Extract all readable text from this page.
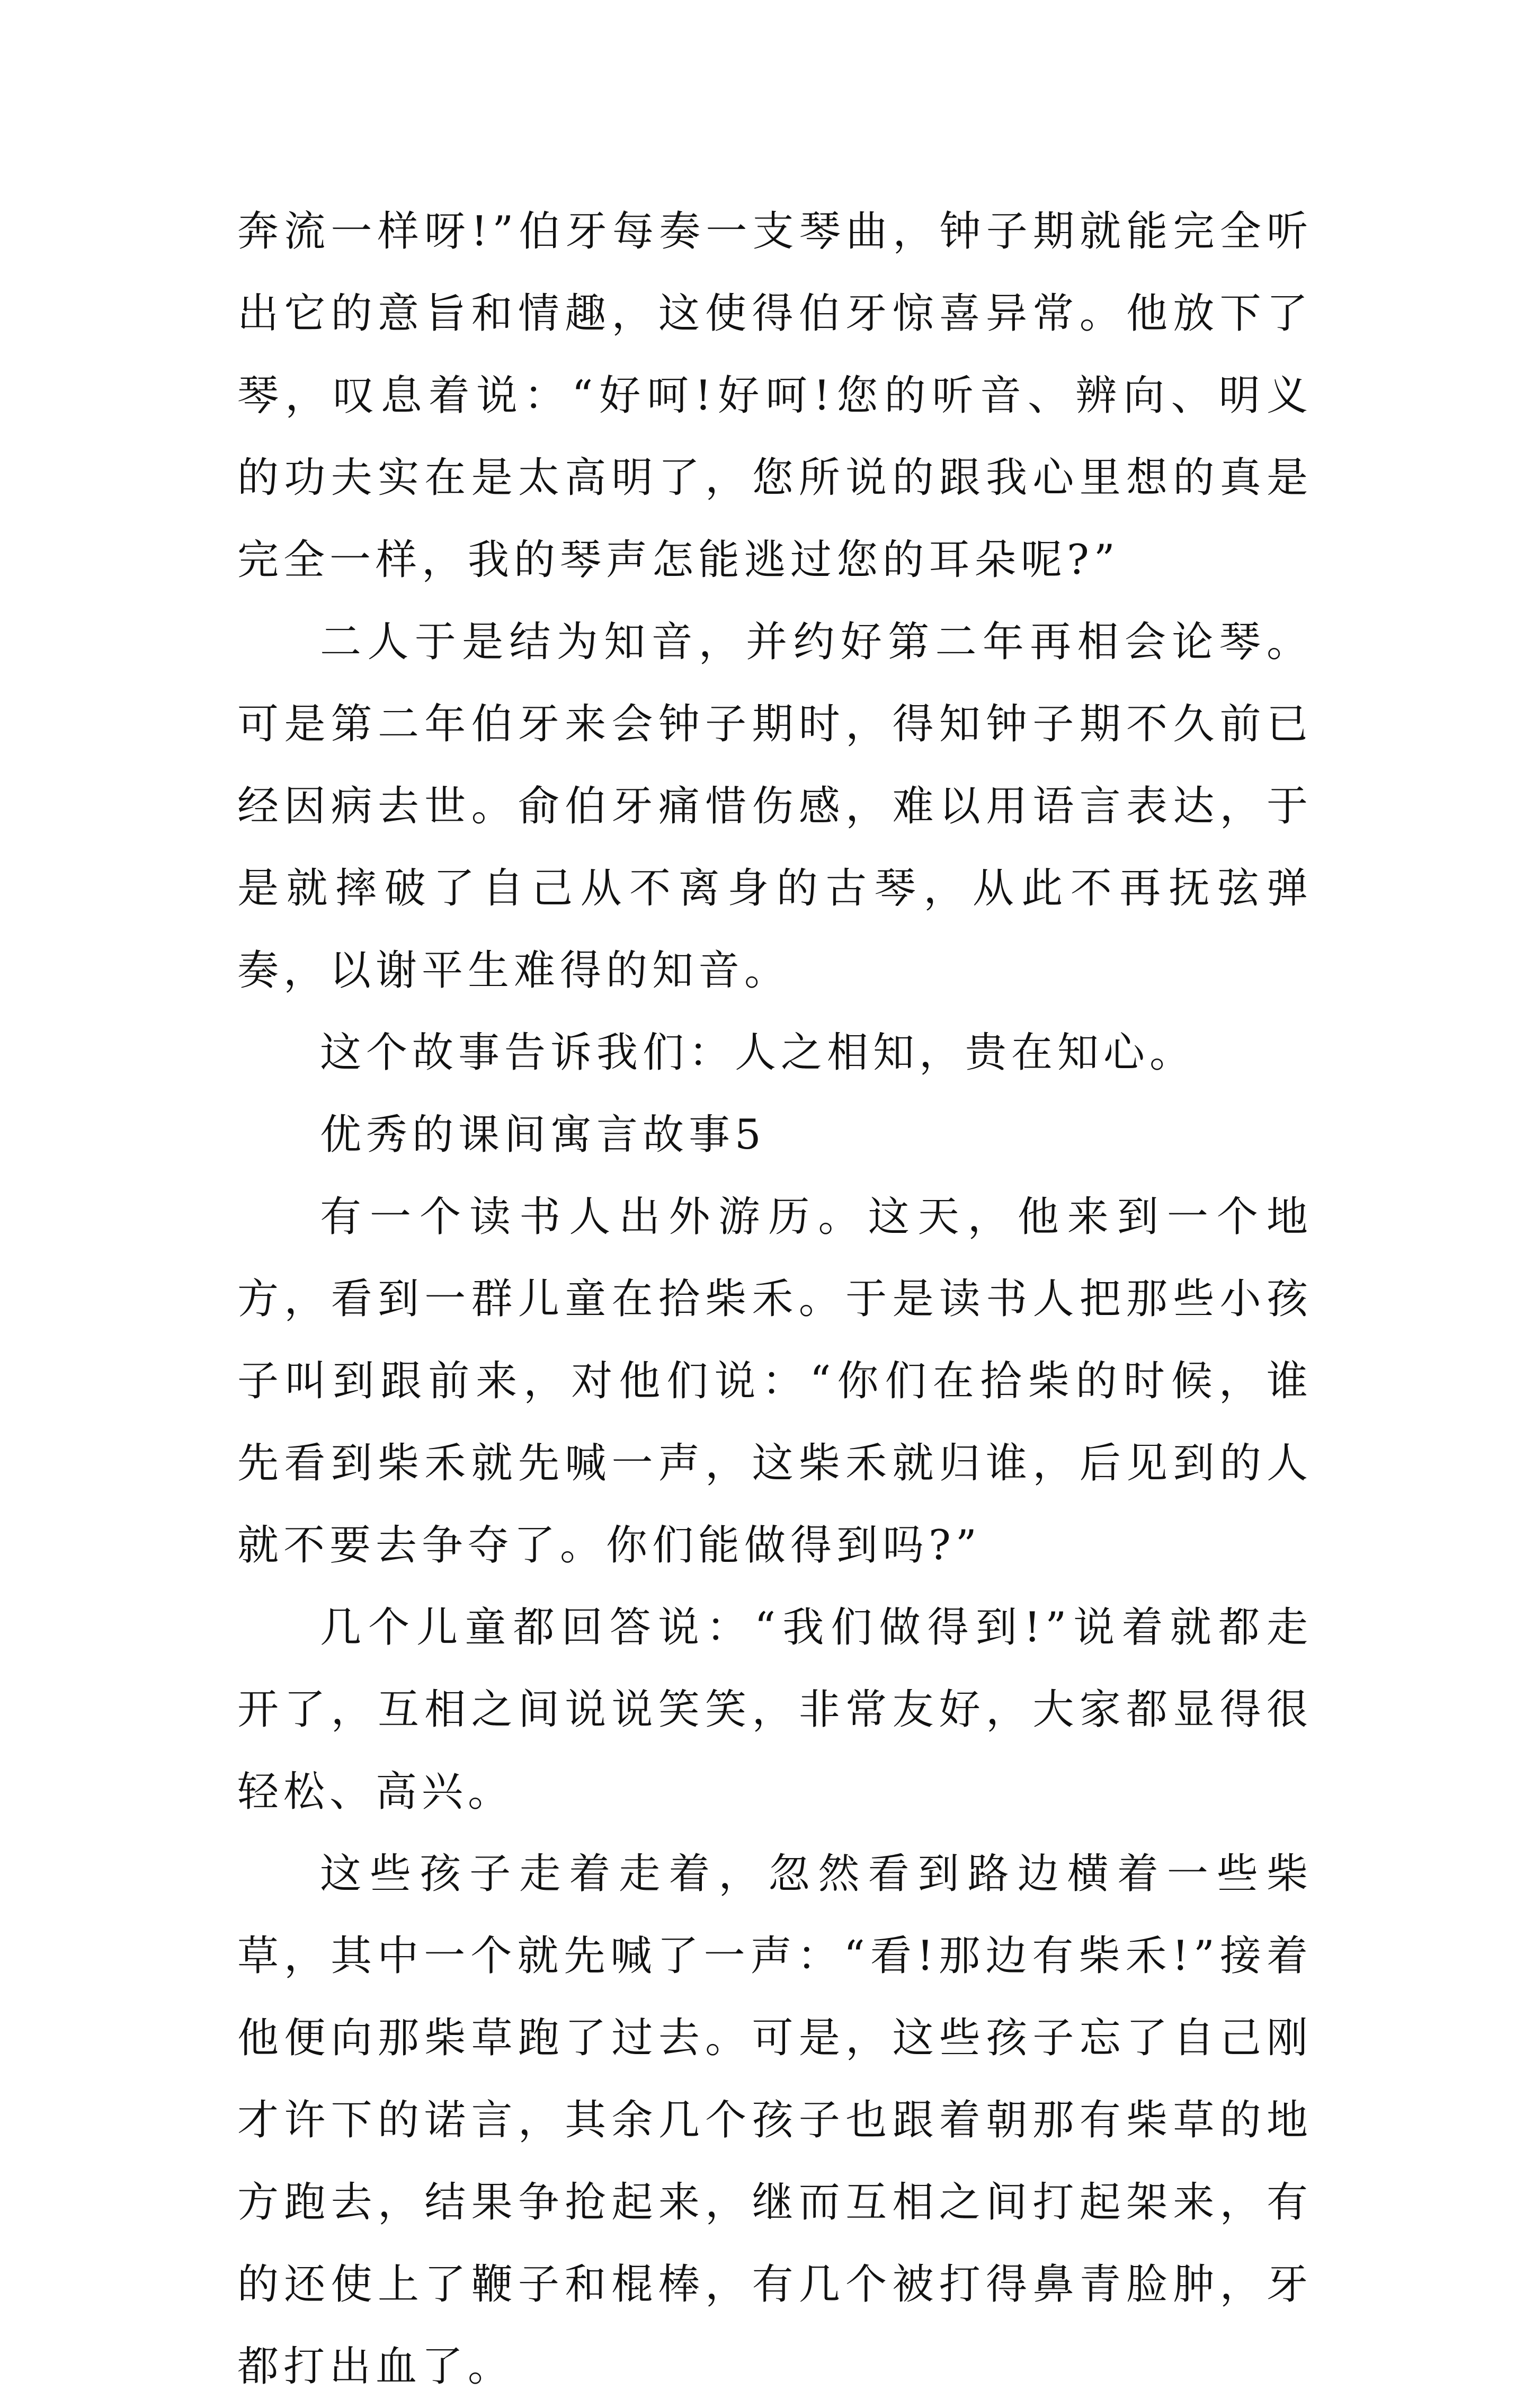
奔流一样呀!”伯牙每奏一支琴曲，钟子期就能完全听出它的意旨和情趣，这使得伯牙惊喜异常。他放下了琴，叹息着说：“好呵!好呵!您的听音、辨向、明义的功夫实在是太高明了，您所说的跟我心里想的真是完全一样，我的琴声怎能逃过您的耳朵呢?”

二人于是结为知音，并约好第二年再相会论琴。可是第二年伯牙来会钟子期时，得知钟子期不久前已经因病去世。俞伯牙痛惜伤感，难以用语言表达，于是就摔破了自己从不离身的古琴，从此不再抚弦弹奏，以谢平生难得的知音。

这个故事告诉我们：人之相知，贵在知心。

优秀的课间寓言故事5

有一个读书人出外游历。这天，他来到一个地方，看到一群儿童在拾柴禾。于是读书人把那些小孩子叫到跟前来，对他们说：“你们在拾柴的时候，谁先看到柴禾就先喊一声，这柴禾就归谁，后见到的人就不要去争夺了。你们能做得到吗?”

几个儿童都回答说：“我们做得到!”说着就都走开了，互相之间说说笑笑，非常友好，大家都显得很轻松、高兴。

这些孩子走着走着，忽然看到路边横着一些柴草，其中一个就先喊了一声：“看!那边有柴禾!”接着他便向那柴草跑了过去。可是，这些孩子忘了自己刚才许下的诺言，其余几个孩子也跟着朝那有柴草的地方跑去，结果争抢起来，继而互相之间打起架来，有的还使上了鞭子和棍棒，有几个被打得鼻青脸肿，牙都打出血了。
